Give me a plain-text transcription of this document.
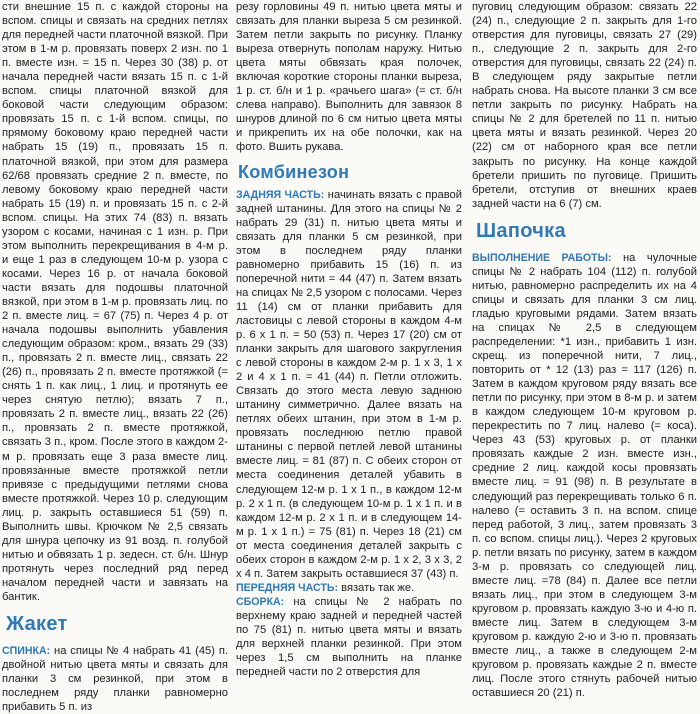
сти внешние 15 п. с каждой стороны на вспом. спицы и связать на средних петлях для передней части платочной вязкой. При этом в 1-м р. провязать поверх 2 изн. по 1 п. вместе изн. = 15 п. Через 30 (38) р. от начала передней части вязать 15 п. с 1-й вспом. спицы платочной вязкой для боковой части следующим образом: провязать 15 п. с 1-й вспом. спицы, по прямому боковому краю передней части набрать 15 (19) п., провязать 15 п. платочной вязкой, при этом для размера 62/68 провязать средние 2 п. вместе, по левому боковому краю передней части набрать 15 (19) п. и провязать 15 п. с 2-й вспом. спицы. На этих 74 (83) п. вязать узором с косами, начиная с 1 изн. р. При этом выполнить перекрещивания в 4-м р. и еще 1 раз в следующем 10-м р. узора с косами. Через 16 р. от начала боковой части вязать для подошвы платочной вязкой, при этом в 1-м р. провязать лиц. по 2 п. вместе лиц. = 67 (75) п. Через 4 р. от начала подошвы выполнить убавления следующим образом: кром., вязать 29 (33) п., провязать 2 п. вместе лиц., связать 22 (26) п., провязать 2 п. вместе протяжкой (= снять 1 п. как лиц., 1 лиц. и протянуть ее через снятую петлю); вязать 7 п., провязать 2 п. вместе лиц., вязать 22 (26) п., провязать 2 п. вместе протяжкой, связать 3 п., кром. После этого в каждом 2-м р. провязать еще 3 раза вместе лиц. провязанные вместе протяжкой петли привязе с предыдущими петлями снова вместе протяжкой. Через 10 р. следующим лиц. р. закрыть оставшиеся 51 (59) п. Выполнить швы. Крючком № 2,5 связать для шнура цепочку из 91 возд. п. голубой нитью и обвязать 1 р. зедесн. ст. б/н. Шнур протянуть через последний ряд перед началом передней части и завязать на бантик.

Жакет

СПИНКА: на спицы № 4 набрать 41 (45) п. двойной нитью цвета мяты и связать для планки 3 см резинкой, при этом в последнем ряду планки равномерно прибавить 5 п. из

резу горловины 49 п. нитью цвета мяты и связать для планки выреза 5 см резинкой. Затем петли закрыть по рисунку. Планку выреза отвернуть пополам наружу. Нитью цвета мяты обвязать края полочек, включая короткие стороны планки выреза, 1 р. ст. б/н и 1 р. «рачьего шага» (= ст. б/н слева направо). Выполнить для завязок 8 шнуров длиной по 6 см нитью цвета мяты и прикрепить их на обе полочки, как на фото. Вшить рукава.

Комбинезон

ЗАДНЯЯ ЧАСТЬ: начинать вязать с правой задней штанины. Для этого на спицы № 2 набрать 29 (31) п. нитью цвета мяты и связать для планки 5 см резинкой, при этом в последнем ряду планки равномерно прибавить 15 (16) п. из поперечной нити = 44 (47) п. Затем вязать на спицах № 2,5 узором с полосами. Через 11 (14) см от планки прибавить для ластовицы с левой стороны в каждом 4-м р. 6 х 1 п. = 50 (53) п. Через 17 (20) см от планки закрыть для шагового закругления с левой стороны в каждом 2-м р. 1 х 3, 1 х 2 и 4 х 1 п. = 41 (44) п. Петли отложить. Связать до этого места левую заднюю штанину симметрично. Далее вязать на петлях обеих штанин, при этом в 1-м р. провязать последнюю петлю правой штанины с первой петлей левой штанины вместе лиц. = 81 (87) п. С обеих сторон от места соединения деталей убавить в следующем 12-м р. 1 х 1 п., в каждом 12-м р. 2 х 1 п. (в следующем 10-м р. 1 х 1 п. и в каждом 12-м р. 2 х 1 п. и в следующем 14-м р. 1 х 1 п.) = 75 (81) п. Через 18 (21) см от места соединения деталей закрыть с обеих сторон в каждом 2-м р. 1 х 2, 3 х 3, 2 х 4 п. Затем закрыть оставшиеся 37 (43) п.

ПЕРЕДНЯЯ ЧАСТЬ: вязать так же.

СБОРКА: на спицы № 2 набрать по верхнему краю задней и передней частей по 75 (81) п. нитью цвета мяты и вязать для верхней планки резинкой. При этом через 1,5 см выполнить на планке передней части по 2 отверстия для

пуговиц следующим образом: связать 22 (24) п., следующие 2 п. закрыть для 1-го отверстия для пуговицы, связать 27 (29) п., следующие 2 п. закрыть для 2-го отверстия для пуговицы, связать 22 (24) п. В следующем ряду закрытые петли набрать снова. На высоте планки 3 см все петли закрыть по рисунку. Набрать на спицы № 2 для бретелей по 11 п. нитью цвета мяты и вязать резинкой. Через 20 (22) см от наборного края все петли закрыть по рисунку. На конце каждой бретели пришить по пуговице. Пришить бретели, отступив от внешних краев задней части на 6 (7) см.

Шапочка

ВЫПОЛНЕНИЕ РАБОТЫ: на чулочные спицы № 2 набрать 104 (112) п. голубой нитью, равномерно распределить их на 4 спицы и связать для планки 3 см лиц. гладью круговыми рядами. Затем вязать на спицах № 2,5 в следующем распределении: *1 изн., прибавить 1 изн. скрещ. из поперечной нити, 7 лиц., повторить от * 12 (13) раз = 117 (126) п. Затем в каждом круговом ряду вязать все петли по рисунку, при этом в 8-м р. и затем в каждом следующем 10-м круговом р. перекрестить по 7 лиц. налево (= коса). Через 43 (53) круговых р. от планки провязать каждые 2 изн. вместе изн., средние 2 лиц. каждой косы провязать вместе лиц. = 91 (98) п. В результате в следующий раз перекрещивать только 6 п. налево (= оставить 3 п. на вспом. спице перед работой, 3 лиц., затем провязать 3 п. со вспом. спицы лиц.). Через 2 круговых р. петли вязать по рисунку, затем в каждом 3-м р. провязать со следующей лиц. вместе лиц. =78 (84) п. Далее все петли вязать лиц., при этом в следующем 3-м круговом р. провязать каждую 3-ю и 4-ю п. вместе лиц. Затем в следующем 3-м круговом р. каждую 2-ю и 3-ю п. провязать вместе лиц., а также в следующем 2-м круговом р. провязать каждые 2 п. вместе лиц. После этого стянуть рабочей нитью оставшиеся 20 (21) п.
